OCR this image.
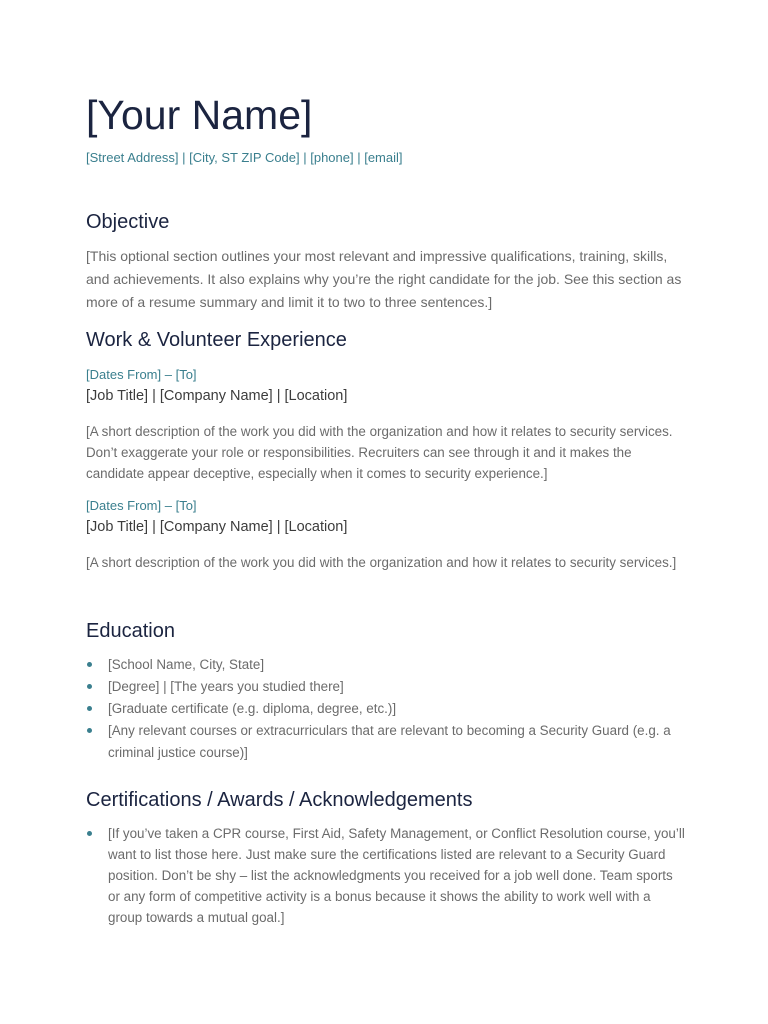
[Your Name]
[Street Address] | [City, ST ZIP Code] | [phone] | [email]
Objective
[This optional section outlines your most relevant and impressive qualifications, training, skills, and achievements. It also explains why you’re the right candidate for the job. See this section as more of a resume summary and limit it to two to three sentences.]
Work & Volunteer Experience
[Dates From] – [To]
[Job Title] | [Company Name] | [Location]
[A short description of the work you did with the organization and how it relates to security services. Don’t exaggerate your role or responsibilities. Recruiters can see through it and it makes the candidate appear deceptive, especially when it comes to security experience.]
[Dates From] – [To]
[Job Title] | [Company Name] | [Location]
[A short description of the work you did with the organization and how it relates to security services.]
Education
[School Name, City, State]
[Degree] | [The years you studied there]
[Graduate certificate (e.g. diploma, degree, etc.)]
[Any relevant courses or extracurriculars that are relevant to becoming a Security Guard (e.g. a criminal justice course)]
Certifications / Awards / Acknowledgements
[If you’ve taken a CPR course, First Aid, Safety Management, or Conflict Resolution course, you’ll want to list those here. Just make sure the certifications listed are relevant to a Security Guard position. Don’t be shy – list the acknowledgments you received for a job well done. Team sports or any form of competitive activity is a bonus because it shows the ability to work well with a group towards a mutual goal.]
